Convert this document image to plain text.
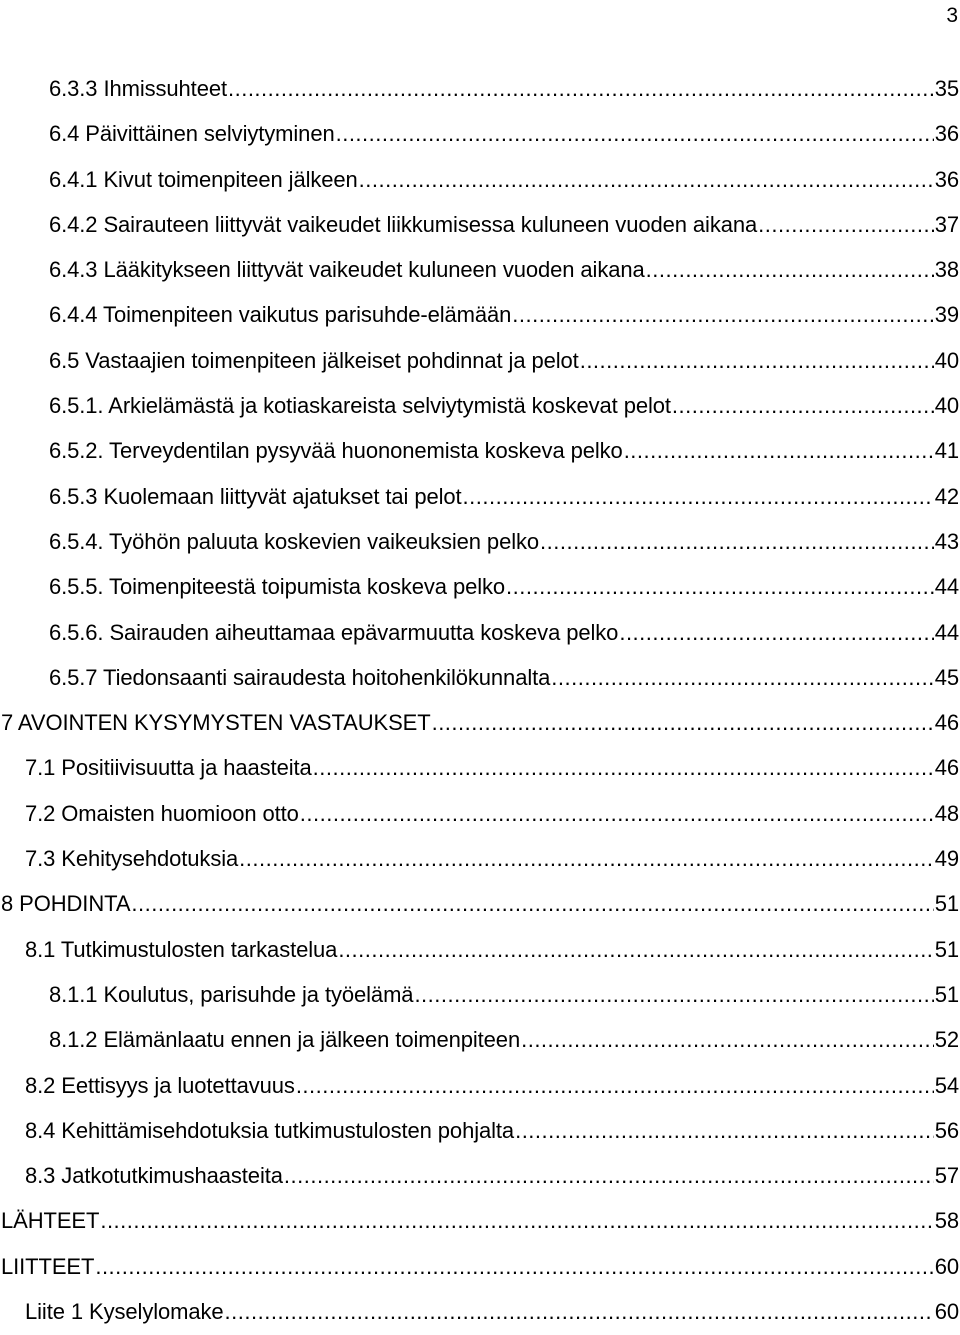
3
6.3.3 Ihmissuhteet .....	35
6.4 Päivittäinen selviytyminen .....	36
6.4.1 Kivut toimenpiteen jälkeen .....	36
6.4.2 Sairauteen liittyvät vaikeudet liikkumisessa kuluneen vuoden aikana .....	37
6.4.3 Lääkitykseen liittyvät vaikeudet kuluneen vuoden aikana .....	38
6.4.4 Toimenpiteen vaikutus parisuhde-elämään .....	39
6.5 Vastaajien toimenpiteen jälkeiset pohdinnat ja pelot .....	40
6.5.1. Arkielämästä ja kotiaskareista selviytymistä koskevat pelot .....	40
6.5.2. Terveydentilan pysyvää huononemista koskeva pelko .....	41
6.5.3 Kuolemaan liittyvät ajatukset tai pelot .....	42
6.5.4. Työhön paluuta koskevien vaikeuksien pelko .....	43
6.5.5. Toimenpiteestä toipumista koskeva pelko .....	44
6.5.6. Sairauden aiheuttamaa epävarmuutta koskeva pelko .....	44
6.5.7 Tiedonsaanti sairaudesta hoitohenkilökunnalta .....	45
7 AVOINTEN KYSYMYSTEN VASTAUKSET .....	46
7.1 Positiivisuutta ja haasteita .....	46
7.2 Omaisten huomioon otto .....	48
7.3 Kehitysehdotuksia .....	49
8 POHDINTA .....	51
8.1 Tutkimustulosten tarkastelua .....	51
8.1.1 Koulutus, parisuhde ja työelämä .....	51
8.1.2 Elämänlaatu ennen ja jälkeen toimenpiteen .....	52
8.2 Eettisyys ja luotettavuus .....	54
8.4 Kehittämisehdotuksia tutkimustulosten pohjalta .....	56
8.3 Jatkotutkimushaasteita .....	57
LÄHTEET .....	58
LIITTEET .....	60
Liite 1 Kyselylomake .....	60
